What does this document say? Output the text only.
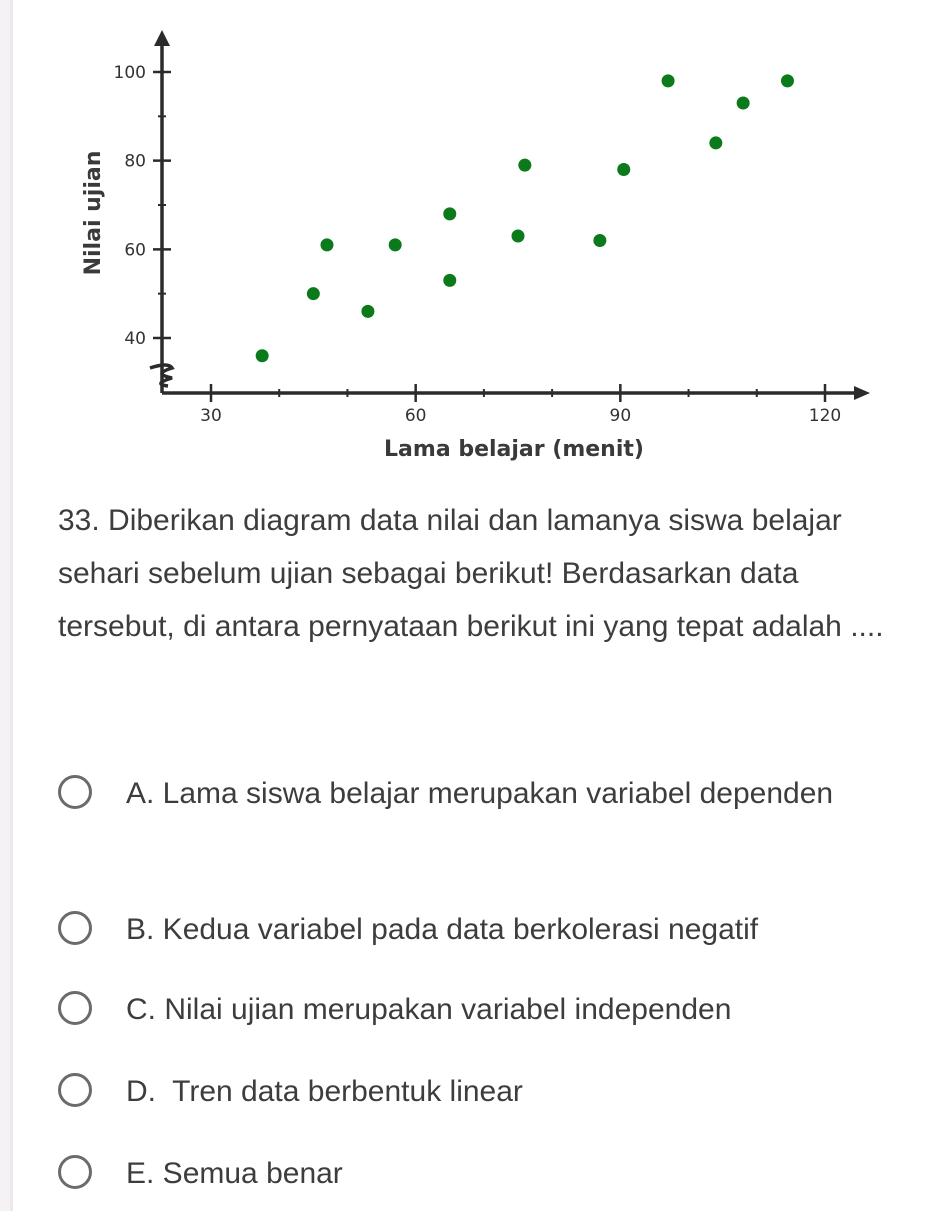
40
60
80
100
30	60	90	120
Lama belajar (menit)
Nilai ujian

33. Diberikan diagram data nilai dan lamanya siswa belajar sehari sebelum ujian sebagai berikut! Berdasarkan data tersebut, di antara pernyataan berikut ini yang tepat adalah ....

A. Lama siswa belajar merupakan variabel dependen
B. Kedua variabel pada data berkolerasi negatif
C. Nilai ujian merupakan variabel independen
D.  Tren data berbentuk linear
E. Semua benar
